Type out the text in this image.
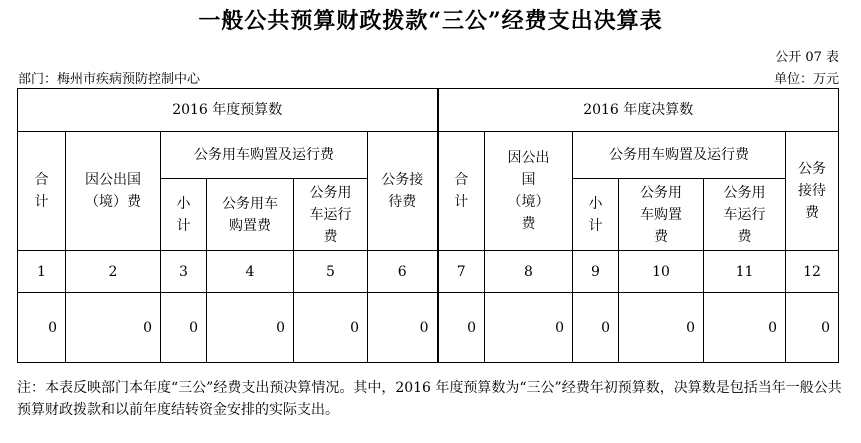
一般公共预算财政拨款“三公”经费支出决算表
公开 07 表
部门：梅州市疾病预防控制中心	单位：万元
2016 年度预算数						2016 年度决算数					

合计	因公出国（境）费	公务用车购置及运行费			公务接待费	合计	因公出国（境）费	公务用车购置及运行费			公务接待费

		小计	公务用车购置费	公务用车运行费				小计	公务用车购置费	公务用车运行费	

1	2	3	4	5	6	7	8	9	10	11	12
0	0	0	0	0	0	0	0	0	0	0	0
注：本表反映部门本年度“三公”经费支出预决算情况。其中，2016 年度预算数为“三公”经费年初预算数，决算数是包括当年一般公共预算财政拨款和以前年度结转资金安排的实际支出。
